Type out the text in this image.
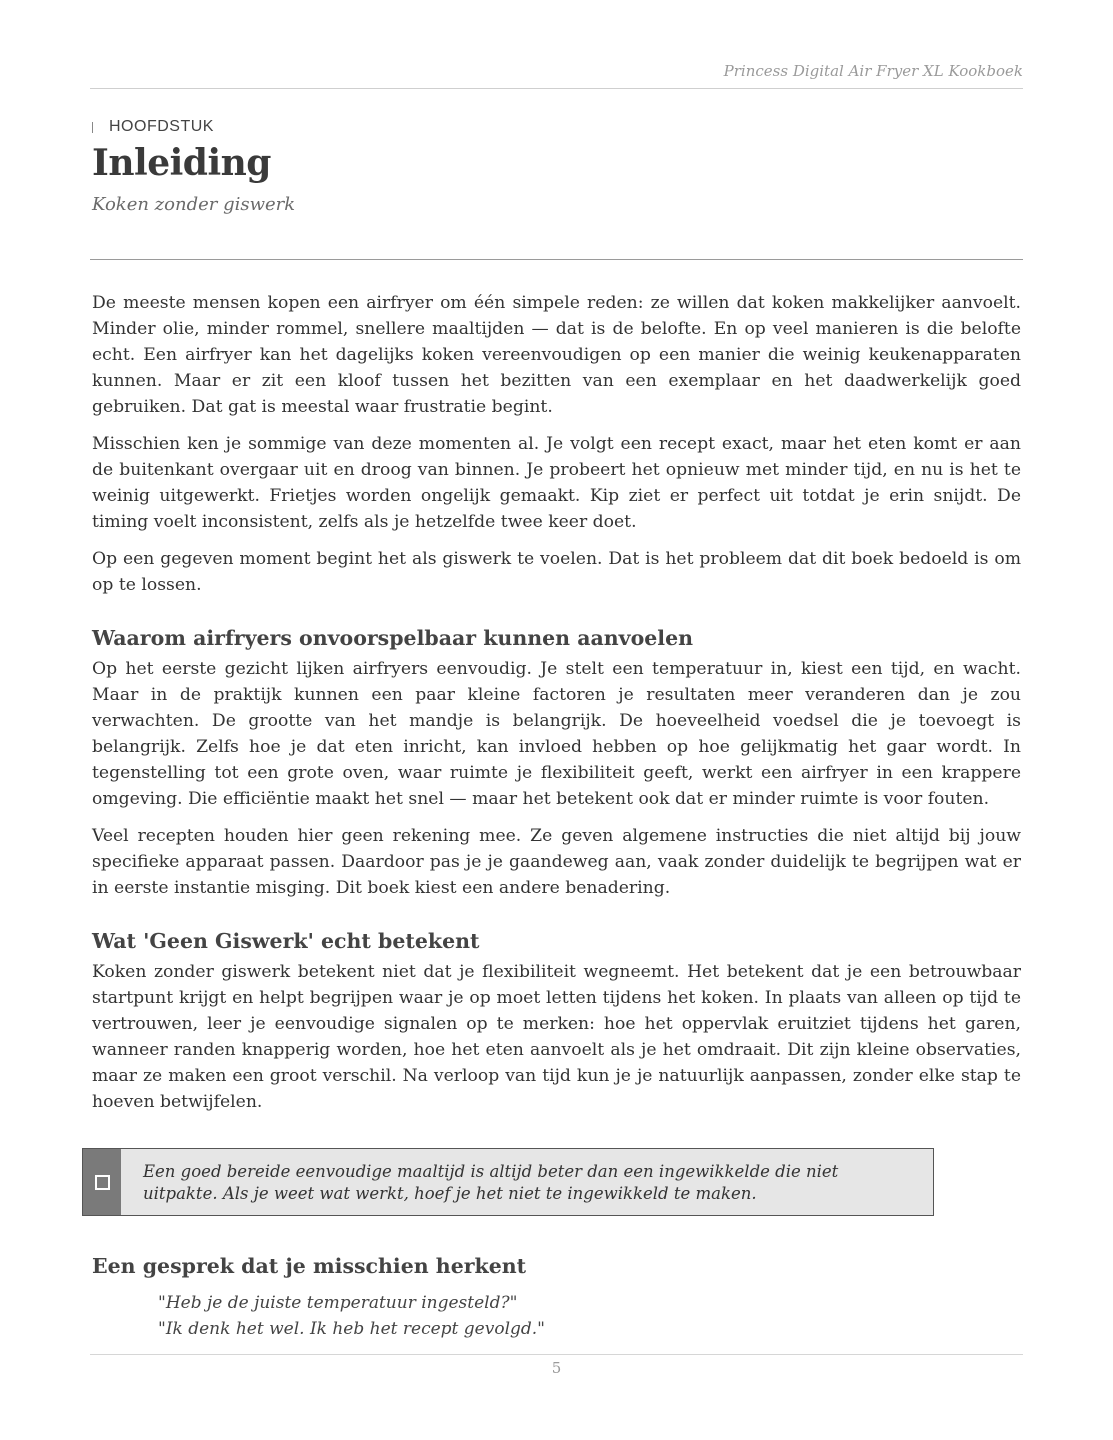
Princess Digital Air Fryer XL Kookboek
HOOFDSTUK
Inleiding
Koken zonder giswerk

De meeste mensen kopen een airfryer om één simpele reden: ze willen dat koken makkelijker aanvoelt. Minder olie, minder rommel, snellere maaltijden — dat is de belofte. En op veel manieren is die belofte echt. Een airfryer kan het dagelijks koken vereenvoudigen op een manier die weinig keukenapparaten kunnen. Maar er zit een kloof tussen het bezitten van een exemplaar en het daadwerkelijk goed gebruiken. Dat gat is meestal waar frustratie begint.

Misschien ken je sommige van deze momenten al. Je volgt een recept exact, maar het eten komt er aan de buitenkant overgaar uit en droog van binnen. Je probeert het opnieuw met minder tijd, en nu is het te weinig uitgewerkt. Frietjes worden ongelijk gemaakt. Kip ziet er perfect uit totdat je erin snijdt. De timing voelt inconsistent, zelfs als je hetzelfde twee keer doet.

Op een gegeven moment begint het als giswerk te voelen. Dat is het probleem dat dit boek bedoeld is om op te lossen.

Waarom airfryers onvoorspelbaar kunnen aanvoelen

Op het eerste gezicht lijken airfryers eenvoudig. Je stelt een temperatuur in, kiest een tijd, en wacht. Maar in de praktijk kunnen een paar kleine factoren je resultaten meer veranderen dan je zou verwachten. De grootte van het mandje is belangrijk. De hoeveelheid voedsel die je toevoegt is belangrijk. Zelfs hoe je dat eten inricht, kan invloed hebben op hoe gelijkmatig het gaar wordt. In tegenstelling tot een grote oven, waar ruimte je flexibiliteit geeft, werkt een airfryer in een krappere omgeving. Die efficiëntie maakt het snel — maar het betekent ook dat er minder ruimte is voor fouten.

Veel recepten houden hier geen rekening mee. Ze geven algemene instructies die niet altijd bij jouw specifieke apparaat passen. Daardoor pas je je gaandeweg aan, vaak zonder duidelijk te begrijpen wat er in eerste instantie misging. Dit boek kiest een andere benadering.

Wat 'Geen Giswerk' echt betekent

Koken zonder giswerk betekent niet dat je flexibiliteit wegneemt. Het betekent dat je een betrouwbaar startpunt krijgt en helpt begrijpen waar je op moet letten tijdens het koken. In plaats van alleen op tijd te vertrouwen, leer je eenvoudige signalen op te merken: hoe het oppervlak eruitziet tijdens het garen, wanneer randen knapperig worden, hoe het eten aanvoelt als je het omdraait. Dit zijn kleine observaties, maar ze maken een groot verschil. Na verloop van tijd kun je je natuurlijk aanpassen, zonder elke stap te hoeven betwijfelen.

Een goed bereide eenvoudige maaltijd is altijd beter dan een ingewikkelde die niet uitpakte. Als je weet wat werkt, hoef je het niet te ingewikkeld te maken.
Een gesprek dat je misschien herkent
"Heb je de juiste temperatuur ingesteld?"
"Ik denk het wel. Ik heb het recept gevolgd."
5
